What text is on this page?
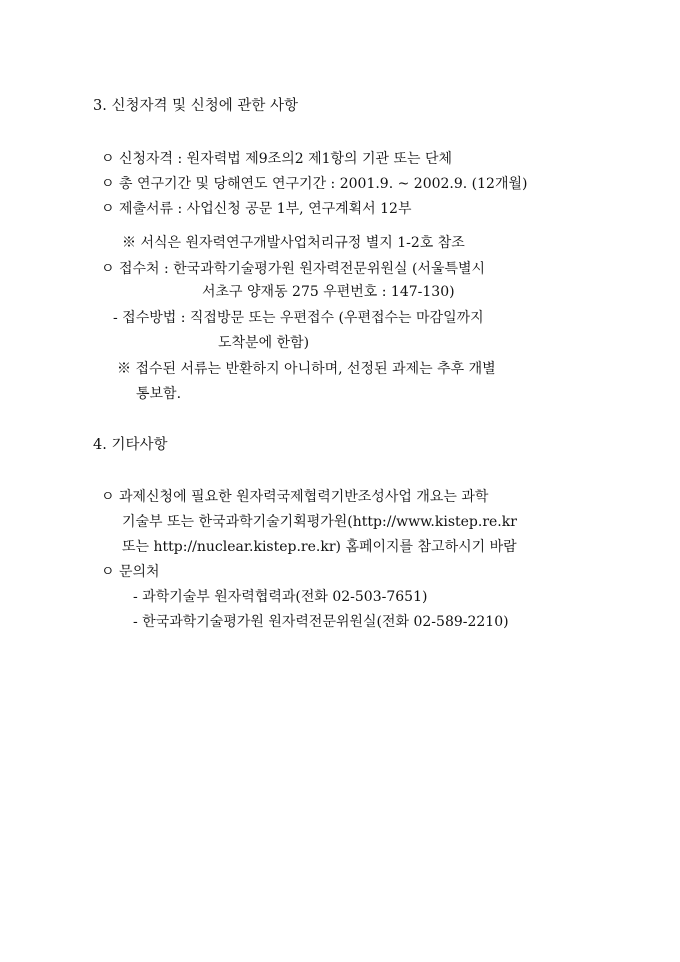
3. 신청자격 및 신청에 관한 사항
ㅇ 신청자격 : 원자력법 제9조의2 제1항의 기관 또는 단체
ㅇ 총 연구기간 및 당해연도 연구기간 : 2001.9. ~ 2002.9. (12개월)
ㅇ 제출서류 : 사업신청 공문 1부, 연구계획서 12부
※ 서식은 원자력연구개발사업처리규정 별지 1-2호 참조
ㅇ 접수처 : 한국과학기술평가원 원자력전문위원실 (서울특별시
서초구 양재동 275 우편번호 : 147-130)
- 접수방법 : 직접방문 또는 우편접수 (우편접수는 마감일까지
도착분에 한함)
※ 접수된 서류는 반환하지 아니하며, 선정된 과제는 추후 개별
통보함.
4. 기타사항
ㅇ 과제신청에 필요한 원자력국제협력기반조성사업 개요는 과학
기술부 또는 한국과학기술기획평가원(http://www.kistep.re.kr
또는 http://nuclear.kistep.re.kr) 홈페이지를 참고하시기 바람
ㅇ 문의처
- 과학기술부 원자력협력과(전화 02-503-7651)
- 한국과학기술평가원 원자력전문위원실(전화 02-589-2210)
